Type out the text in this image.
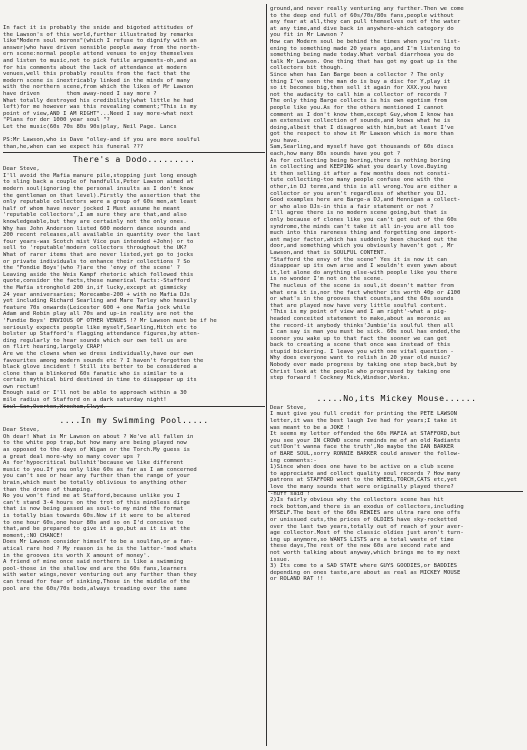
In fact it is probably the snide and bigoted attitudes of

the Lawson's of this world,further illustrated by remarks

like"Modern soul morons"(which I refuse to dignify with an

answer)who have driven sensible people away from the north-

ern scene:normal people attend venues to enjoy themselves

and listen to music,not to pick futile arguments-oh,and as

for his comments about the lack of attendance at modern

venues,well this probably results from the fact that the

modern scene is inextricably linked in the minds of many

with the northern scene,from which the likes of Mr Lawson

have driven        them away-need I say more ?

What totally destroyed his credibility(what little he had

left)for me however was this revealing comment;"This is my

point of view,AND I AM RIGHT"...Need I say more-what next

"Plans for der 1000 year soul "?

Let the music(60s 70s 80s 90s)play, Neil Page. Lancs

PS:Mr Lawson,who is Dave "olley-and if you are more soulful

than,he,when can we expect his funeral ???

There's a Dodo.........

Dear Steve,

I'll avoid the Mafia manure pile,stopping just long enough

to sling back a couple of handfulls,Peter Lawson aimed at

modern soul(ignoring the personal insults as I don't know

the gentleman on that level).Firstly the assertion that the

only reputable collectors were a group of 60s men,at least

half of whom have never jocked I Must assume he meant

'reputable collectors',I am sure they are that,and also

knowledgeable,but they are certainly not the only ones.

Why has John Anderson listed 600 modern dance sounds and

200 recent releases,all available in quantity over the last

four years-was Scotch mist Vice pun intended +John) or to

sell to 'reputable'modern collectors throughout the UK?

What of rarer items that are never listed,yet go to jocks

or private individuals to enhance their collections ? So

the "Fondie Boys'(who ?)are the 'envy of the scene' ?

Leaving aside the Weis Kampf rhetoric which followed this

quote,consider the facts,these numerical facts:-Stafford

the Mafia stronghold 200 in,if lucky,except at gimmicky

24 year anniversaries; Morecambe-200 + with no Mafia DJs

yet including Richard Searling and Mare Tarley who heavily

feature 70s onwards(Leicester 600 + one Mafia jock while

Adam and Robin play all 70s and up-in reality are not the

'Fundie Boys' ENVIOUS OF OTHER VENUES !? Mr Lawson must be if he

seriously expects people like myself,Searling,Hitch etc to

bolster up Stafford's flagging attendance figures,by atten-

ding regularly to hear sounds which our own tell us are

on flirt hearing,largely CRAP!

Are we the clowns when we dress individually,have our own

favourites among modern sounds etc ? I haven't forgotten the

black glove incident ! Still its better to be considered a

clone than a blinkered 60s fanatic who is similar to a

certain mythical bird destined in time to disappear up its

own rectum!

Enough said or I'll not be able to approach within a 30

mile radius of Stafford on a dark saturday night!

....In my Swimming Pool.....

Dear Steve,

Oh dear! What is Mr Lawson on about ? We've all fallen in

to the white pop trap,but how many are being played now

as opposed to the days of Wigan or the Torch.My guess is

a great deal more-why so many cover ups ?

As for'hypocritical bullshit'because we like different

music to you.If you only like 60s as far as I am concerned

you can't see or hear any further than the range of your

brain,which must be totally oblivious to anything other

than the drone of thumping.

No you won't find me at Stafford,because unlike you I

can't stand 3-4 hours on the trot of this mindless dirge

that is now being passed as soul-to my mind the format

is totally bias towards 60s.Now if it were to be altered

to one hour 60s,one hour 80s and so on I'd conceive to

that,and be prepared to give it a go,but as it is at the

moment,:NO CHANCE!

Does Mr Lawson consider himself to be a soulfan,or a fan-

atical rare hod ? My reason is he is the latter-'mod whats

in the grooves its worth X amount of money'.

A friend of mine once said northern is like a swimming

pool-those in the shallow end are the 60s fans,learners

with water wings,never venturing out any further than they

can tread for fear of sinking,Those in the middle of the

pool are the 60s/70s bods,always treading over the same

ground,and never really venturing any further.Then we come

to the deep end full of 60s/70s/80s fans,people without

any fear at all,they can pull themselves out of the water

at any time,and dive back in anywhere-which category do

you fit in Mr Lawson ?

How can Modern soul be behind the times when you're list-

ening to something made 20 years ago,and I'm listening to

something being made today.What verbal diarrhoea you do

talk Mr Lawson. One thing that has got my goat up is the

collectors bit though.

Since when has Ian Barge been a collector ? The only

thing I've seen the man do is buy a disc for Y,play it

so it becomes big,then sell it again for XXX.you have

not the audacity to call him a collector of records ?

The only thing Barge collects is his own egotism from

people like you.As for the others mentioned I cannot

comment as I don't know them,except Guy,whom I know has

an extensive collection of sounds,and knows what he is

doing,albeit that I disagree with him,but at least I've

got the respect to show it Mr Lawson which is more than

you have.

Sam,Searling,and myself have got thousands of 60s discs

each,how many 80s sounds have you got ?

As for collecting being boring,there is nothing boring

in collecting and KEEPING what you dearly love.Buying

it then selling it after a few months does not consti-

tute collecting-too many people confuse one with the

other,in DJ terms,and this is all wrong.You are either a

collector or you aren't regardless of whether you DJ.

Good examples here are Barge-a DJ,and Hennigan a collect-

or who also DJs-in this a fair statement or not ?

I'll agree there is no modern scene going,but that is

only because of clones like you can't get out of the 60s

syndrome,the minds can't take it all in-you are all too

much into this rareness thing and forgetting one import-

ant major factor,which has suddenly been chucked out the

door,and something which you obviously haven't got , Mr

Lawson,and that is SOULFUL CONTENT.

"Stafford the envy of the scene" Yes it is now it can

disappear up its own arse and I wouldn't even yawn about

it,let alone do anything else-with people like you there

is no wonder I'm not on the scene.

The nucleus of the scene is soul,it doesn't matter from

what era it is,nor the fact whether its worth 40p or £100

or what's in the grooves that counts,and the 60s sounds

that are played now have very little soulful content.

'This is my point of view and I am right'-what a pig-

headed conceited statement to make,about as moronic as

the record-it anybody thinks'Jumbie'is soulful then all

I can say is man you must be sick. 60s soul has ended,the

sooner you wake up to that fact the sooner we can get

back to creating a scene that once was instead of this

stupid bickering. I leave you with one vital question -

Why does everyone want to relish in 20 year old music?

Nobody ever made progress by taking one step back,but by

Christ look at the people who progressed by taking one

step forward ! Cockney Mick,Windsor,Works.

.....No,its Mickey Mouse......

Dear Steve,

I must give you full credit for printing the PETE LAWSON

letter,it was the best laugh Ive had for years;I take it

was meant to be a JOKE !

It seems my letter offended the 60s MAFIA at STAFFORD,but

you see your IN CROWD scene reminds me of an old Radiants

cut!Don't wanna face the truth',No maybe the IAN BARKER

of BARE SOUL,sorry RONNIE BARKER could answer the follow-

ing comments:-

1)Since when does one have to be active on a club scene

to appreciate and collect quality soul records ? How many

patrons at STAFFORD went to the WHEEL,TORCH,CATS etc,yet

love the many sounds that were originally played there?

-nuff said !

2)Is fairly obvious why the collectors scene has hit

rock bottom,and there is an exodus of collectors,including

MYSELF.The best of the 60s REWIES are ultra rare one offs

or unissued cuts,the prices of OLDIES have sky-rocketted

over the last two years,totally out of reach of your aver-

age collector.Most of the classic oldies just aren't turn-

ing up anymore,so WANTS LISTS are a total waste of time

these days,The rest of the new 60s are second rate and

not worth talking about anyway,which brings me to my next

issue.

3) Its come to a SAD STATE where GUYS GOODIES,or BADDIES

depending on ones taste,are about as real as MICKEY MOUSE

or ROLAND RAT !!
